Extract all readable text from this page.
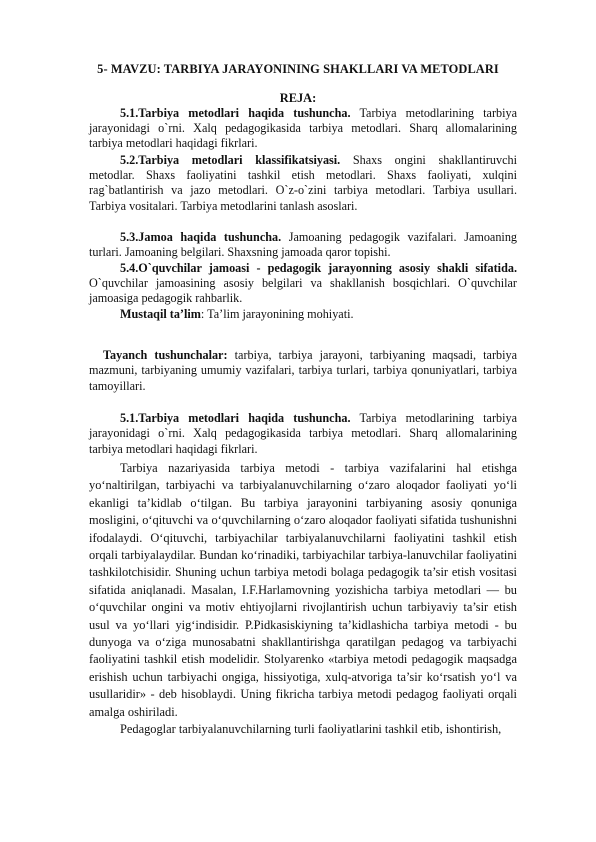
5- MAVZU: TARBIYA JARAYONINING SHAKLLARI VA METODLARI
REJA:

5.1.Tarbiya metodlari haqida tushuncha. Tarbiya metodlarining tarbiya jarayonidagi o`rni. Xalq pedagogikasida tarbiya metodlari. Sharq allomalarining tarbiya metodlari haqidagi fikrlari.

5.2.Tarbiya metodlari klassifikatsiyasi. Shaxs ongini shakllantiruvchi metodlar. Shaxs faoliyatini tashkil etish metodlari. Shaxs faoliyati, xulqini rag`batlantirish va jazo metodlari. O`z-o`zini tarbiya metodlari. Tarbiya usullari. Tarbiya vositalari. Tarbiya metodlarini tanlash asoslari.

5.3.Jamoa haqida tushuncha. Jamoaning pedagogik vazifalari. Jamoaning turlari. Jamoaning belgilari. Shaxsning jamoada qaror topishi.

5.4.O`quvchilar jamoasi - pedagogik jarayonning asosiy shakli sifatida. O`quvchilar jamoasining asosiy belgilari va shakllanish bosqichlari. O`quvchilar jamoasiga pedagogik rahbarlik.

Mustaqil ta’lim: Ta’lim jarayonining mohiyati.

Tayanch tushunchalar: tarbiya, tarbiya jarayoni, tarbiyaning maqsadi, tarbiya mazmuni, tarbiyaning umumiy vazifalari, tarbiya turlari, tarbiya qonuniyatlari, tarbiya tamoyillari.

5.1.Tarbiya metodlari haqida tushuncha. Tarbiya metodlarining tarbiya jarayonidagi o`rni. Xalq pedagogikasida tarbiya metodlari. Sharq allomalarining tarbiya metodlari haqidagi fikrlari.

Tarbiya nazariyasida tarbiya metodi - tarbiya vazifalarini hal etishga yo‘naltirilgan, tarbiyachi va tarbiyalanuvchilarning o‘zaro aloqador faoliyati yo‘li ekanligi ta’kidlab o‘tilgan. Bu tarbiya jarayonini tarbiyaning asosiy qonuniga mosligini, o‘qituvchi va o‘quvchilarning o‘zaro aloqador faoliyati sifatida tushunishni ifodalaydi. O‘qituvchi, tarbiyachilar tarbiyalanuvchilarni faoliyatini tashkil etish orqali tarbiyalaydilar. Bundan ko‘rinadiki, tarbiyachilar tarbiya-lanuvchilar faoliyatini tashkilotchisidir. Shuning uchun tarbiya metodi bolaga pedagogik ta’sir etish vositasi sifatida aniqlanadi. Masalan, I.F.Harlamovning yozishicha tarbiya metodlari — bu o‘quvchilar ongini va motiv ehtiyojlarni rivojlantirish uchun tarbiyaviy ta’sir etish usul va yo‘llari yig‘indisidir. P.Pidkasiskiyning ta’kidlashicha tarbiya metodi - bu dunyoga va o‘ziga munosabatni shakllantirishga qaratilgan pedagog va tarbiyachi faoliyatini tashkil etish modelidir. Stolyarenko «tarbiya metodi pedagogik maqsadga erishish uchun tarbiyachi ongiga, hissiyotiga, xulq-atvoriga ta’sir ko‘rsatish yo‘l va usullaridir» - deb hisoblaydi. Uning fikricha tarbiya metodi pedagog faoliyati orqali amalga oshiriladi.

Pedagoglar tarbiyalanuvchilarning turli faoliyatlarini tashkil etib, ishontirish,
